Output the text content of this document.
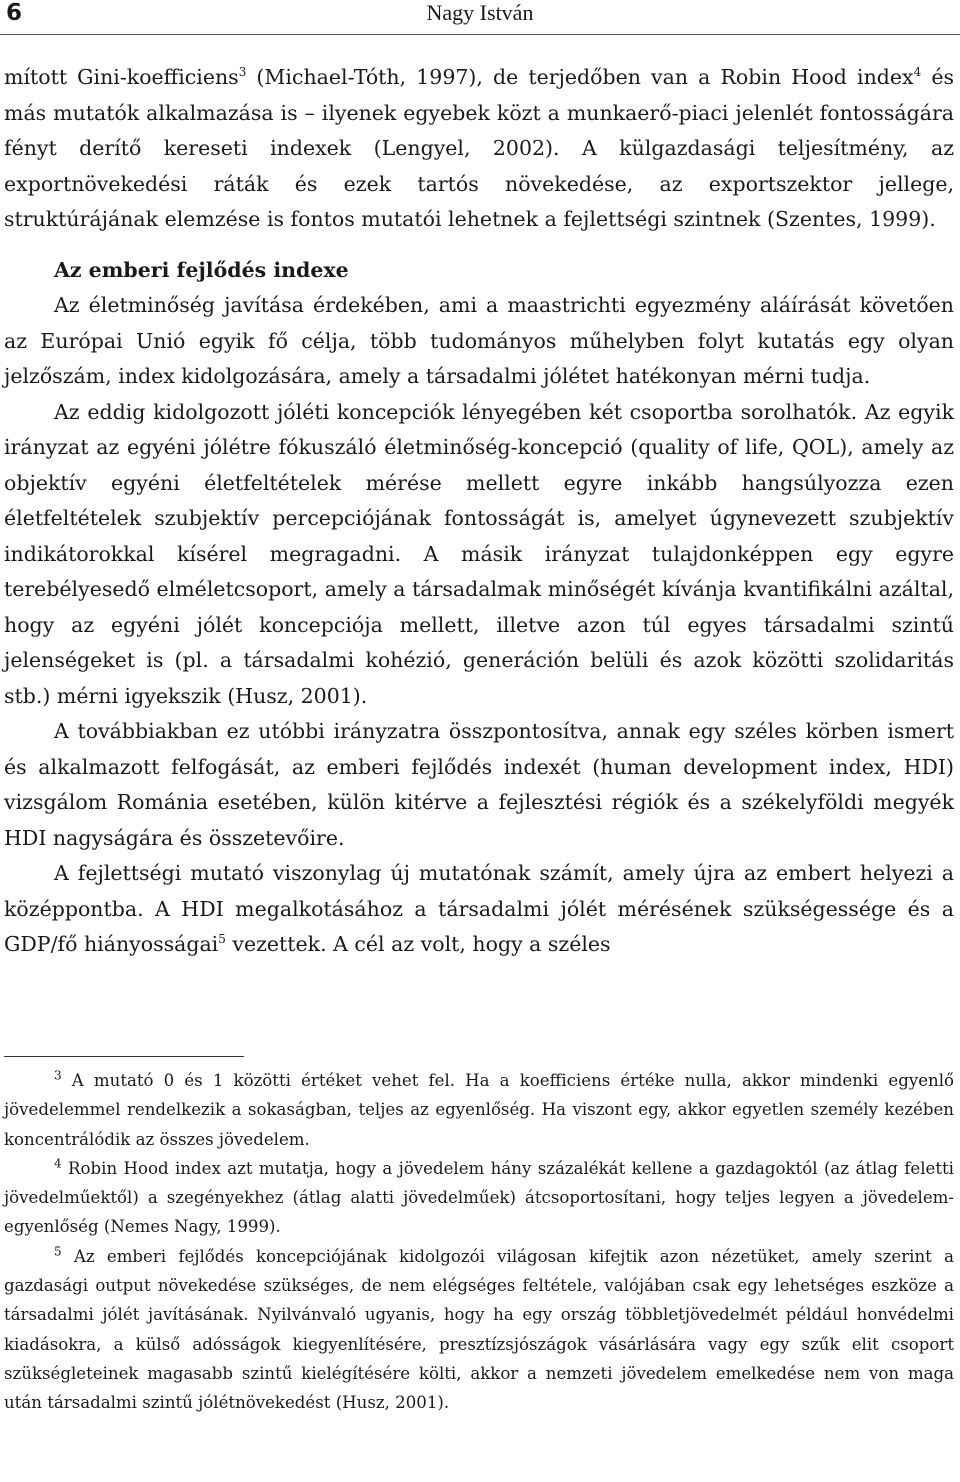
6	Nagy István

mított Gini-koefficiens$^3$ (Michael-Tóth, 1997), de terjedőben van a Robin Hood index$^4$ és más mutatók alkalmazása is – ilyenek egyebek közt a munkaerő-piaci jelenlét fontosságára fényt derítő kereseti indexek (Lengyel, 2002). A külgazdasági teljesítmény, az exportnövekedési ráták és ezek tartós növekedése, az exportszektor jellege, struktúrájának elemzése is fontos mutatói lehetnek a fejlettségi szintnek (Szentes, 1999).

Az emberi fejlődés indexe

Az életminőség javítása érdekében, ami a maastrichti egyezmény aláírását követően az Európai Unió egyik fő célja, több tudományos műhelyben folyt kutatás egy olyan jelzőszám, index kidolgozására, amely a társadalmi jólétet hatékonyan mérni tudja.

Az eddig kidolgozott jóléti koncepciók lényegében két csoportba sorolhatók. Az egyik irányzat az egyéni jólétre fókuszáló életminőség-koncepció (quality of life, QOL), amely az objektív egyéni életfeltételek mérése mellett egyre inkább hangsúlyozza ezen életfeltételek szubjektív percepciójának fontosságát is, amelyet úgynevezett szubjektív indikátorokkal kísérel megragadni. A másik irányzat tulajdonképpen egy egyre terebélyesedő elméletcsoport, amely a társadalmak minőségét kívánja kvantifikálni azáltal, hogy az egyéni jólét koncepciója mellett, illetve azon túl egyes társadalmi szintű jelenségeket is (pl. a társadalmi kohézió, generáción belüli és azok közötti szolidaritás stb.) mérni igyekszik (Husz, 2001).

A továbbiakban ez utóbbi irányzatra összpontosítva, annak egy széles körben ismert és alkalmazott felfogását, az emberi fejlődés indexét (human development index, HDI) vizsgálom Románia esetében, külön kitérve a fejlesztési régiók és a székelyföldi megyék HDI nagyságára és összetevőire.

A fejlettségi mutató viszonylag új mutatónak számít, amely újra az embert helyezi a középpontba. A HDI megalkotásához a társadalmi jólét mérésének szükségessége és a GDP/fő hiányosságai$^5$ vezettek. A cél az volt, hogy a széles

$^3$ A mutató 0 és 1 közötti értéket vehet fel. Ha a koefficiens értéke nulla, akkor mindenki egyenlő jövedelemmel rendelkezik a sokaságban, teljes az egyenlőség. Ha viszont egy, akkor egyetlen személy kezében koncentrálódik az összes jövedelem.

$^4$ Robin Hood index azt mutatja, hogy a jövedelem hány százalékát kellene a gazdagoktól (az átlag feletti jövedelműektől) a szegényekhez (átlag alatti jövedelműek) átcsoportosítani, hogy teljes legyen a jövedelem-egyenlőség (Nemes Nagy, 1999).

$^5$ Az emberi fejlődés koncepciójának kidolgozói világosan kifejtik azon nézetüket, amely szerint a gazdasági output növekedése szükséges, de nem elégséges feltétele, valójában csak egy lehetséges eszköze a társadalmi jólét javításának. Nyilvánvaló ugyanis, hogy ha egy ország többletjövedelmét például honvédelmi kiadásokra, a külső adósságok kiegyenlítésére, presztízsjószágok vásárlására vagy egy szűk elit csoport szükségleteinek magasabb szintű kielégítésére költi, akkor a nemzeti jövedelem emelkedése nem von maga után társadalmi szintű jólétnövekedést (Husz, 2001).
